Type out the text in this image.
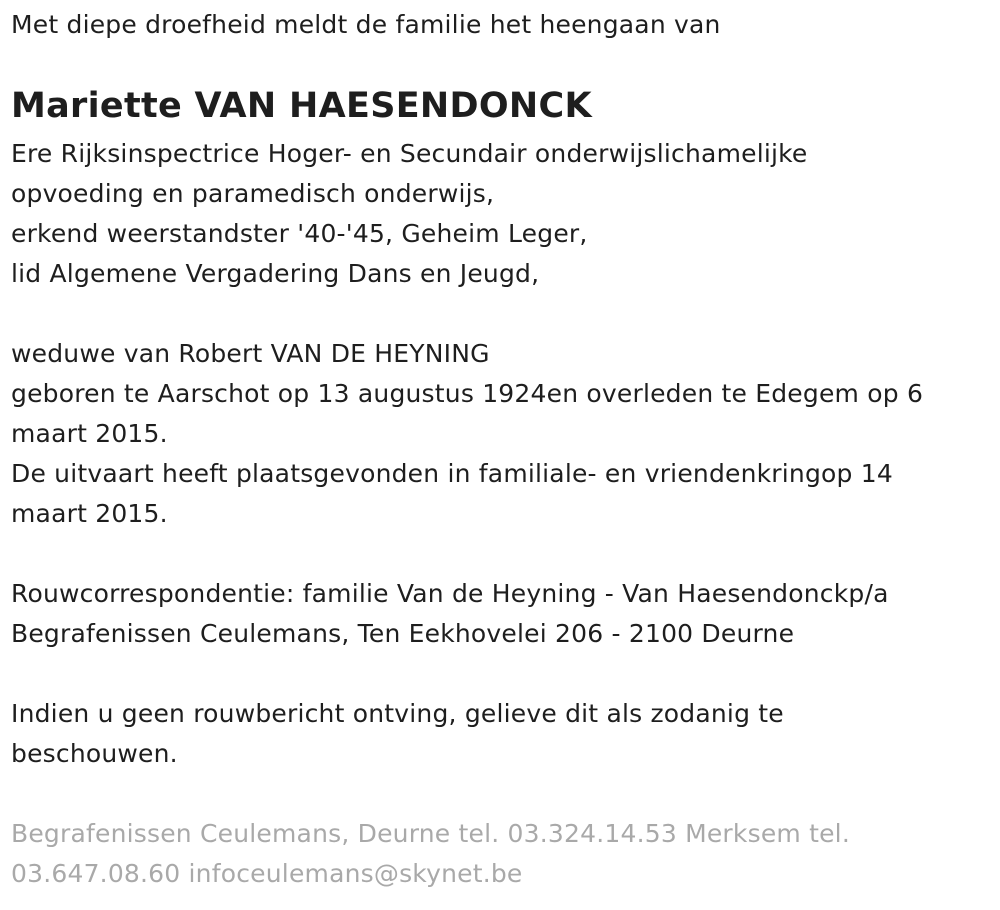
Met diepe droefheid meldt de familie het heengaan van
Mariette VAN HAESENDONCK
Ere Rijksinspectrice Hoger- en Secundair onderwijslichamelijke
opvoeding en paramedisch onderwijs,
erkend weerstandster '40-'45, Geheim Leger,
lid Algemene Vergadering Dans en Jeugd,
weduwe van Robert VAN DE HEYNING
geboren te Aarschot op 13 augustus 1924en overleden te Edegem op 6
maart 2015.
De uitvaart heeft plaatsgevonden in familiale- en vriendenkringop 14
maart 2015.
Rouwcorrespondentie: familie Van de Heyning - Van Haesendonckp/a
Begrafenissen Ceulemans, Ten Eekhovelei 206 - 2100 Deurne
Indien u geen rouwbericht ontving, gelieve dit als zodanig te
beschouwen.
Begrafenissen Ceulemans, Deurne tel. 03.324.14.53 Merksem tel.
03.647.08.60 infoceulemans@skynet.be
